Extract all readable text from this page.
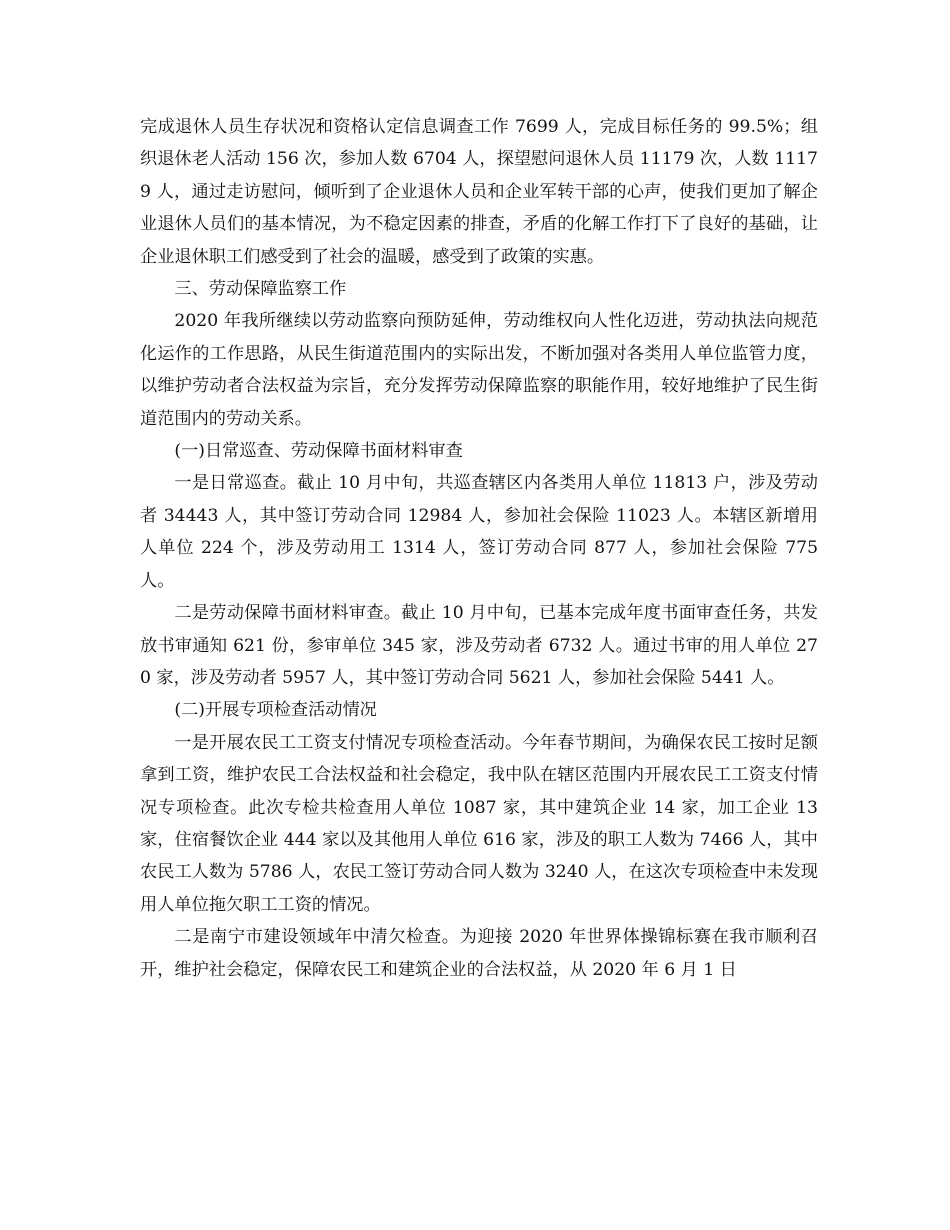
完成退休人员生存状况和资格认定信息调查工作 7699 人，完成目标任务的 99.5%；组织退休老人活动 156 次，参加人数 6704 人，探望慰问退休人员 11179 次，人数 11179 人，通过走访慰问，倾听到了企业退休人员和企业军转干部的心声，使我们更加了解企业退休人员们的基本情况，为不稳定因素的排查，矛盾的化解工作打下了良好的基础，让企业退休职工们感受到了社会的温暖，感受到了政策的实惠。

三、劳动保障监察工作

2020 年我所继续以劳动监察向预防延伸，劳动维权向人性化迈进，劳动执法向规范化运作的工作思路，从民生街道范围内的实际出发，不断加强对各类用人单位监管力度，以维护劳动者合法权益为宗旨，充分发挥劳动保障监察的职能作用，较好地维护了民生街道范围内的劳动关系。

(一)日常巡查、劳动保障书面材料审查

一是日常巡查。截止 10 月中旬，共巡查辖区内各类用人单位 11813 户，涉及劳动者 34443 人，其中签订劳动合同 12984 人，参加社会保险 11023 人。本辖区新增用人单位 224 个，涉及劳动用工 1314 人，签订劳动合同 877 人，参加社会保险 775 人。

二是劳动保障书面材料审查。截止 10 月中旬，已基本完成年度书面审查任务，共发放书审通知 621 份，参审单位 345 家，涉及劳动者 6732 人。通过书审的用人单位 270 家，涉及劳动者 5957 人，其中签订劳动合同 5621 人，参加社会保险 5441 人。

(二)开展专项检查活动情况

一是开展农民工工资支付情况专项检查活动。今年春节期间，为确保农民工按时足额拿到工资，维护农民工合法权益和社会稳定，我中队在辖区范围内开展农民工工资支付情况专项检查。此次专检共检查用人单位 1087 家，其中建筑企业 14 家，加工企业 13 家，住宿餐饮企业 444 家以及其他用人单位 616 家，涉及的职工人数为 7466 人，其中农民工人数为 5786 人，农民工签订劳动合同人数为 3240 人，在这次专项检查中未发现用人单位拖欠职工工资的情况。

二是南宁市建设领域年中清欠检查。为迎接 2020 年世界体操锦标赛在我市顺利召开，维护社会稳定，保障农民工和建筑企业的合法权益，从 2020 年 6 月 1 日
